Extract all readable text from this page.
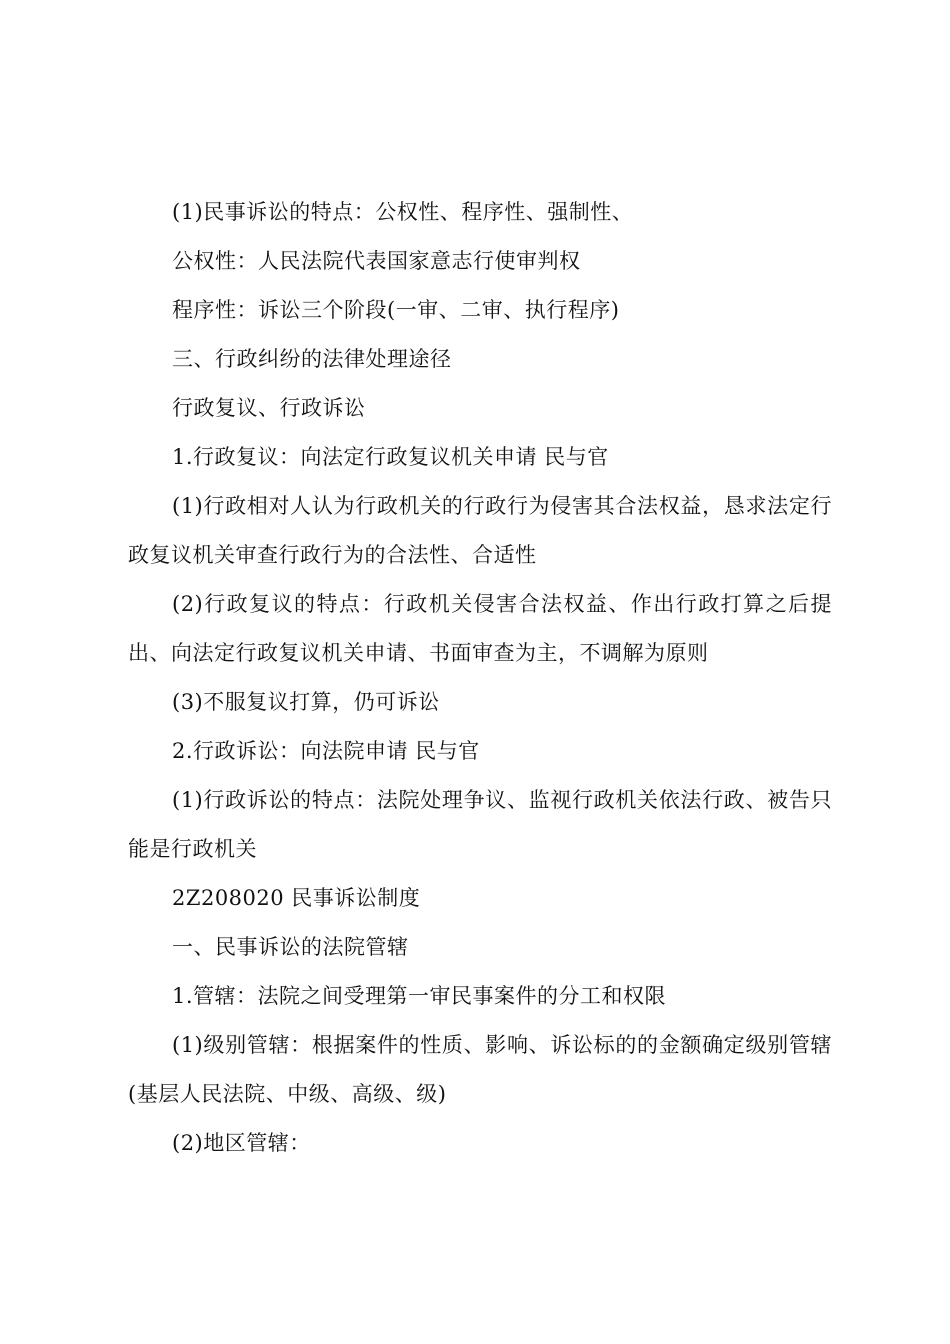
(1)民事诉讼的特点：公权性、程序性、强制性、

公权性：人民法院代表国家意志行使审判权

程序性：诉讼三个阶段(一审、二审、执行程序)

三、行政纠纷的法律处理途径

行政复议、行政诉讼

1.行政复议：向法定行政复议机关申请 民与官

(1)行政相对人认为行政机关的行政行为侵害其合法权益，恳求法定行政复议机关审查行政行为的合法性、合适性

(2)行政复议的特点：行政机关侵害合法权益、作出行政打算之后提出、向法定行政复议机关申请、书面审查为主，不调解为原则

(3)不服复议打算，仍可诉讼

2.行政诉讼：向法院申请 民与官

(1)行政诉讼的特点：法院处理争议、监视行政机关依法行政、被告只能是行政机关

2Z208020 民事诉讼制度

一、民事诉讼的法院管辖

1.管辖：法院之间受理第一审民事案件的分工和权限

(1)级别管辖：根据案件的性质、影响、诉讼标的的金额确定级别管辖(基层人民法院、中级、高级、级)

(2)地区管辖：
